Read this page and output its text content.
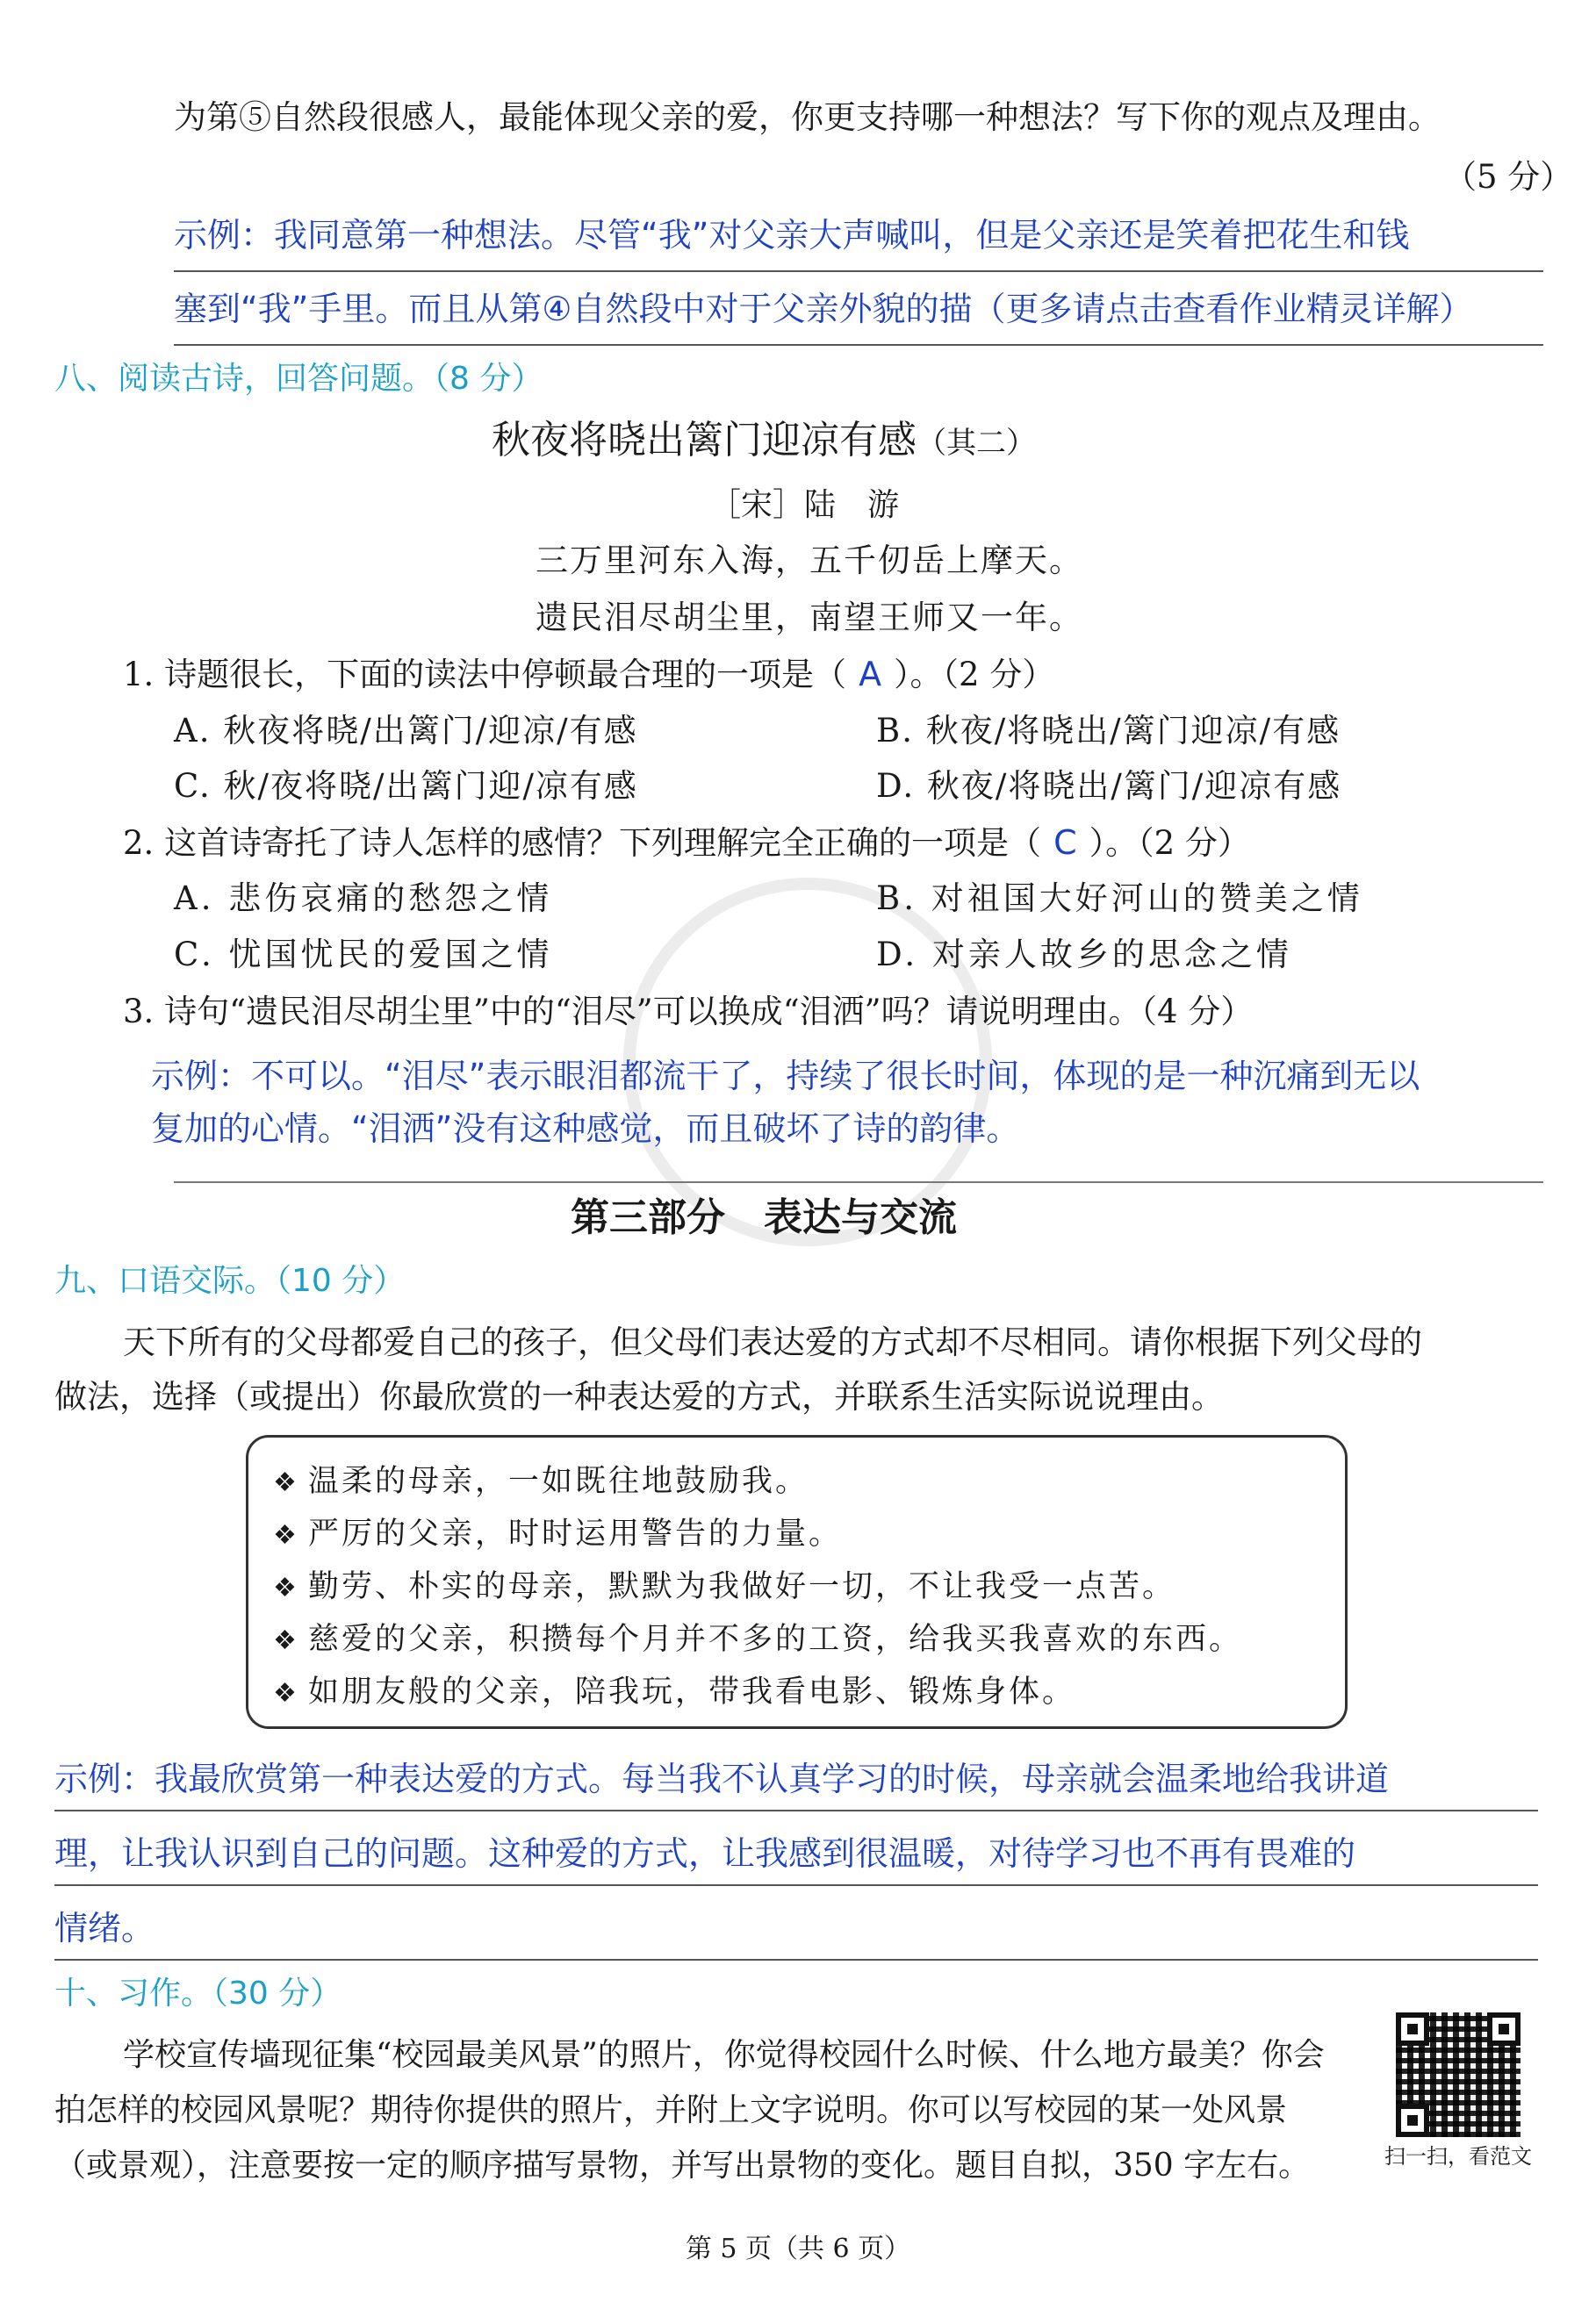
为第⑤自然段很感人，最能体现父亲的爱，你更支持哪一种想法？写下你的观点及理由。
（5 分）
示例：我同意第一种想法。尽管“我”对父亲大声喊叫，但是父亲还是笑着把花生和钱
塞到“我”手里。而且从第④自然段中对于父亲外貌的描（更多请点击查看作业精灵详解）
八、阅读古诗，回答问题。（8 分）
秋夜将晓出篱门迎凉有感（其二）
［宋］陆　游
三万里河东入海，五千仞岳上摩天。
遗民泪尽胡尘里，南望王师又一年。
1. 诗题很长，下面的读法中停顿最合理的一项是（ A ）。（2 分）
A. 秋夜将晓/出篱门/迎凉/有感	B. 秋夜/将晓出/篱门迎凉/有感
C. 秋/夜将晓/出篱门迎/凉有感	D. 秋夜/将晓出/篱门/迎凉有感
2. 这首诗寄托了诗人怎样的感情？下列理解完全正确的一项是（ C ）。（2 分）
A. 悲伤哀痛的愁怨之情	B. 对祖国大好河山的赞美之情
C. 忧国忧民的爱国之情	D. 对亲人故乡的思念之情
3. 诗句“遗民泪尽胡尘里”中的“泪尽”可以换成“泪洒”吗？请说明理由。（4 分）
示例：不可以。“泪尽”表示眼泪都流干了，持续了很长时间，体现的是一种沉痛到无以
复加的心情。“泪洒”没有这种感觉，而且破坏了诗的韵律。
第三部分　表达与交流
九、口语交际。（10 分）
天下所有的父母都爱自己的孩子，但父母们表达爱的方式却不尽相同。请你根据下列父母的
做法，选择（或提出）你最欣赏的一种表达爱的方式，并联系生活实际说说理由。
❖ 温柔的母亲，一如既往地鼓励我。
❖ 严厉的父亲，时时运用警告的力量。
❖ 勤劳、朴实的母亲，默默为我做好一切，不让我受一点苦。
❖ 慈爱的父亲，积攒每个月并不多的工资，给我买我喜欢的东西。
❖ 如朋友般的父亲，陪我玩，带我看电影、锻炼身体。
示例：我最欣赏第一种表达爱的方式。每当我不认真学习的时候，母亲就会温柔地给我讲道
理，让我认识到自己的问题。这种爱的方式，让我感到很温暖，对待学习也不再有畏难的
情绪。
十、习作。（30 分）
学校宣传墙现征集“校园最美风景”的照片，你觉得校园什么时候、什么地方最美？你会
拍怎样的校园风景呢？期待你提供的照片，并附上文字说明。你可以写校园的某一处风景
（或景观），注意要按一定的顺序描写景物，并写出景物的变化。题目自拟，350 字左右。	扫一扫，看范文
第 5 页（共 6 页）
